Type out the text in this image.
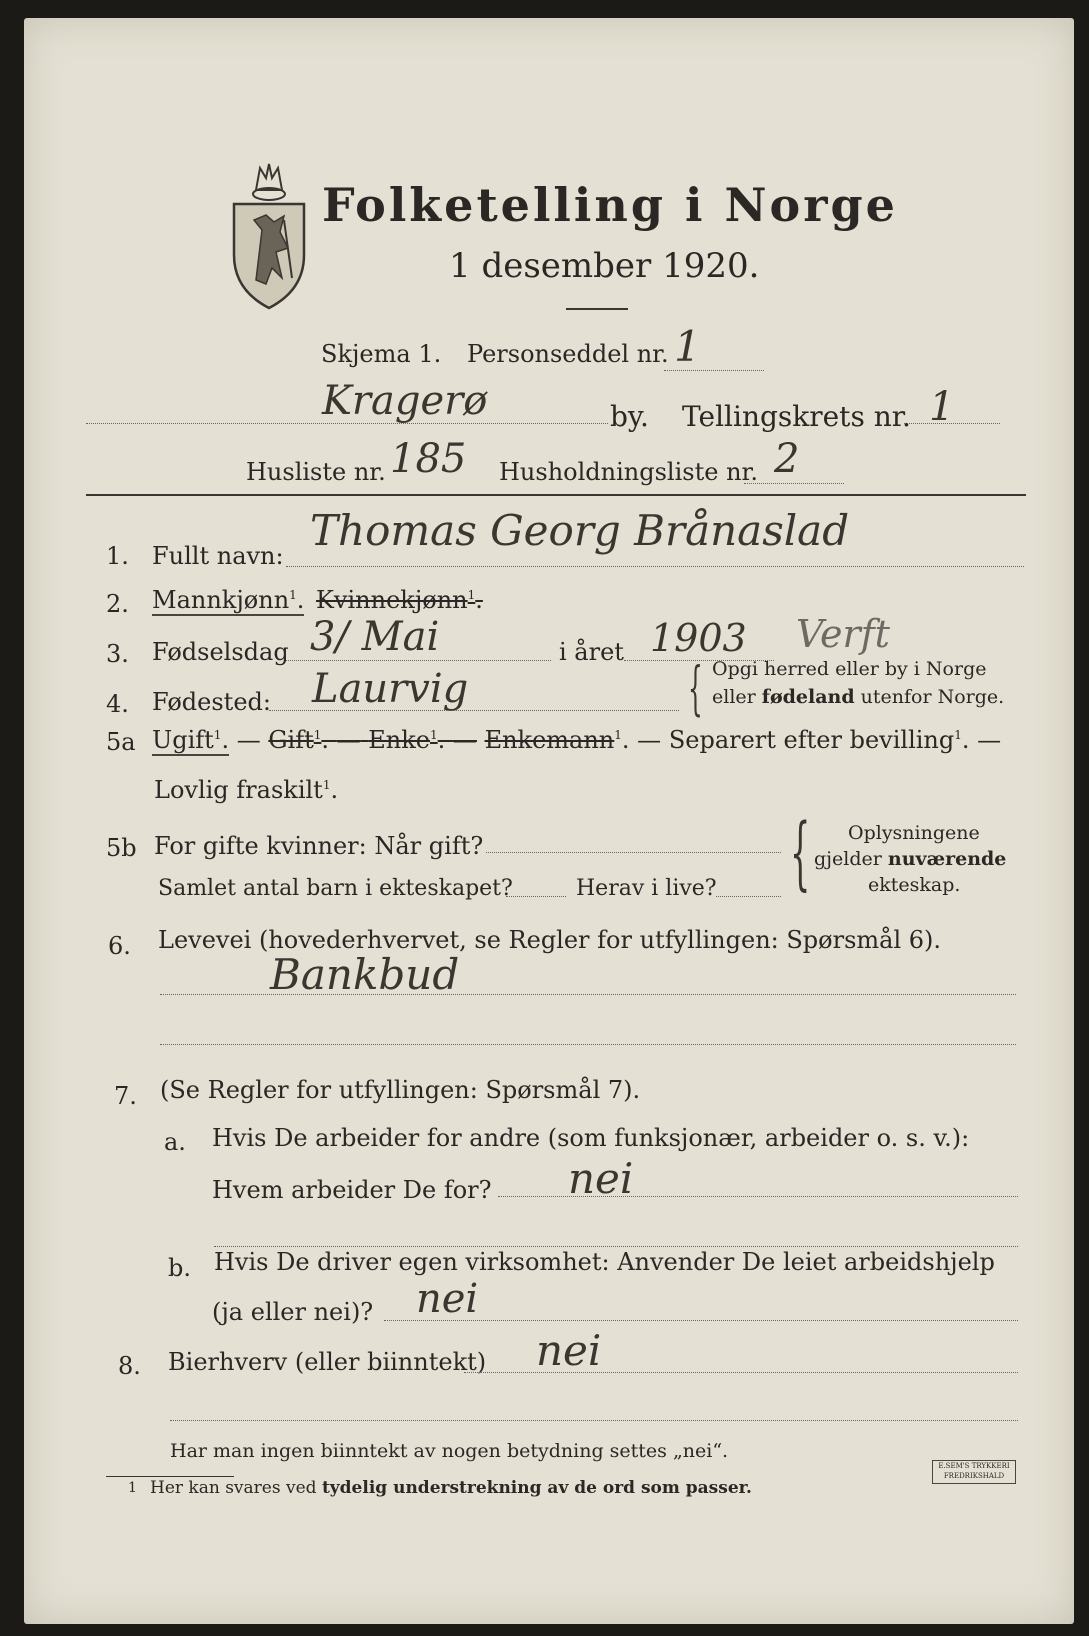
Folketelling i Norge
1 desember 1920.
Skjema 1. Personseddel nr. 1
Kragerø	by. Tellingskrets nr. 1
Husliste nr. 185 Husholdningsliste nr. 2
1. Fullt navn:
Thomas Georg Brånaslad
2. Mannkjønn$^1$. Kvinnekjønn$^1$.
3. Fødselsdag 3/ Mai	i året 1903 Verft
4. Fødested: Laurvig	{ Opgi herred eller by i Norge
eller fødeland utenfor Norge.
5a Ugift$^1$. — Gift$^1$. — Enke$^1$. — Enkemann$^1$. — Separert efter bevilling$^1$. —
Lovlig fraskilt$^1$.
5b For gifte kvinner: Når gift?
Samlet antal barn i ekteskapet?	Herav i live? { Oplysningene
gjelder nuværende
ekteskap.
6. Levevei (hovederhvervet, se Regler for utfyllingen: Spørsmål 6).
Bankbud
7. (Se Regler for utfyllingen: Spørsmål 7).
a. Hvis De arbeider for andre (som funksjonær, arbeider o. s. v.):
Hvem arbeider De for? nei
b. Hvis De driver egen virksomhet: Anvender De leiet arbeidshjelp
(ja eller nei)? nei
8. Bierhverv (eller biinntekt) nei
Har man ingen biinntekt av nogen betydning settes „nei“.
1 Her kan svares ved tydelig understrekning av de ord som passer.
E.SEM'S TRYKKERI
FREDRIKSHALD
